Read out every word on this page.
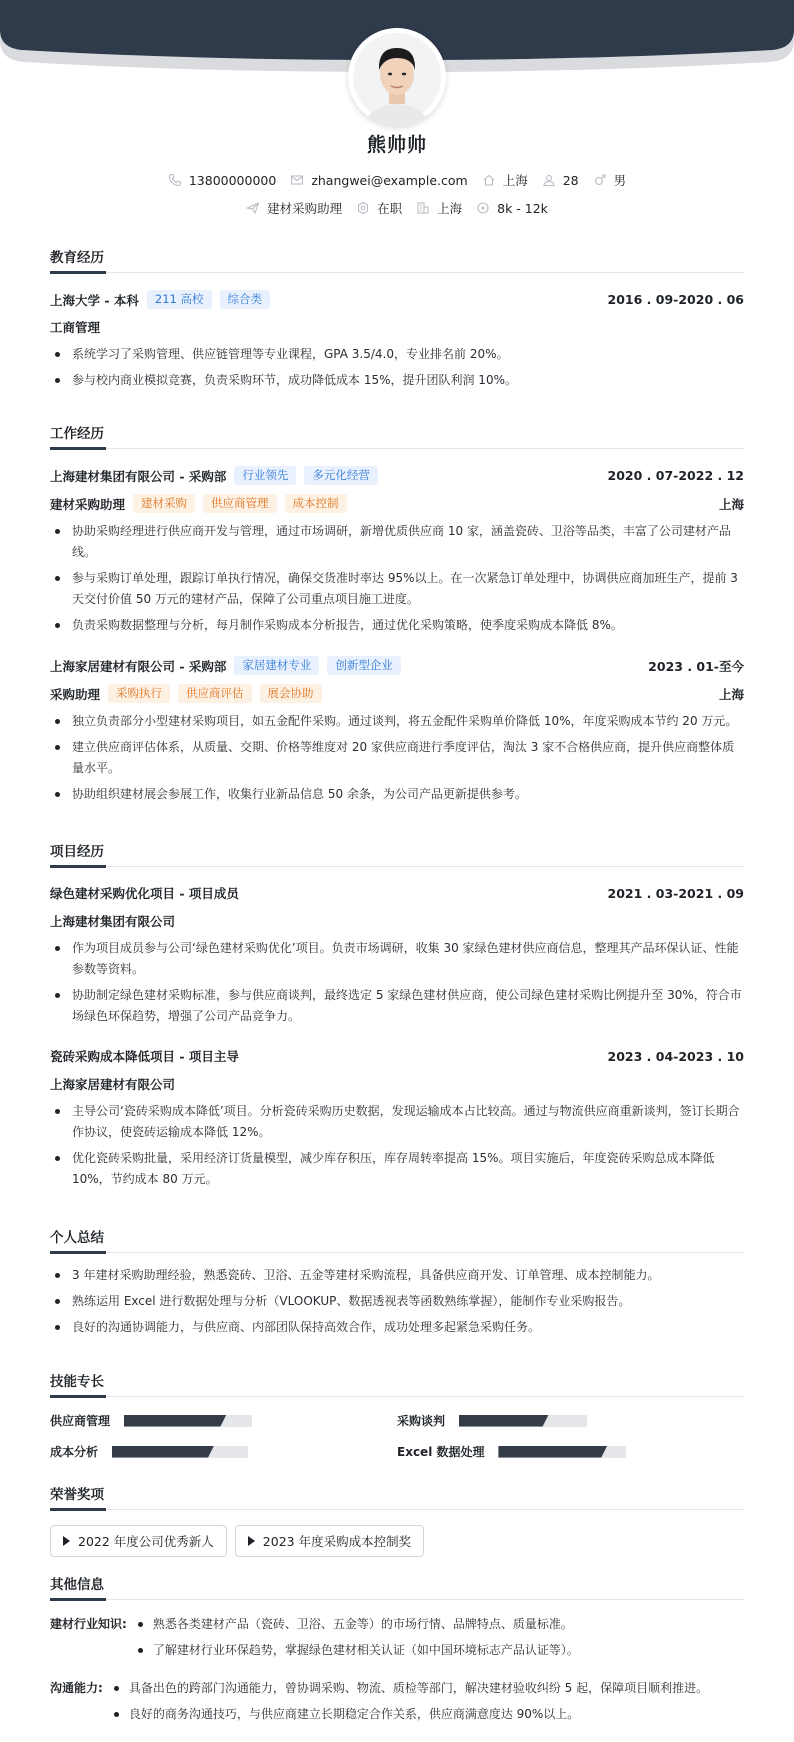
熊帅帅
13800000000	zhangwei@example.com	上海	28	男
建材采购助理	在职	上海	8k - 12k
教育经历
上海大学 - 本科	211 高校	综合类	2016 . 09-2020 . 06
工商管理
系统学习了采购管理、供应链管理等专业课程，GPA 3.5/4.0，专业排名前 20%。
参与校内商业模拟竞赛，负责采购环节，成功降低成本 15%，提升团队利润 10%。
工作经历
上海建材集团有限公司 - 采购部	行业领先	多元化经营	2020 . 07-2022 . 12
建材采购助理	建材采购	供应商管理	成本控制	上海
协助采购经理进行供应商开发与管理，通过市场调研，新增优质供应商 10 家，涵盖瓷砖、卫浴等品类，丰富了公司建材产品线。
参与采购订单处理，跟踪订单执行情况，确保交货准时率达 95%以上。在一次紧急订单处理中，协调供应商加班生产，提前 3 天交付价值 50 万元的建材产品，保障了公司重点项目施工进度。
负责采购数据整理与分析，每月制作采购成本分析报告，通过优化采购策略，使季度采购成本降低 8%。
上海家居建材有限公司 - 采购部	家居建材专业	创新型企业	2023 . 01-至今
采购助理	采购执行	供应商评估	展会协助	上海
独立负责部分小型建材采购项目，如五金配件采购。通过谈判，将五金配件采购单价降低 10%，年度采购成本节约 20 万元。
建立供应商评估体系，从质量、交期、价格等维度对 20 家供应商进行季度评估，淘汰 3 家不合格供应商，提升供应商整体质量水平。
协助组织建材展会参展工作，收集行业新品信息 50 余条，为公司产品更新提供参考。
项目经历
绿色建材采购优化项目 - 项目成员	2021 . 03-2021 . 09
上海建材集团有限公司
作为项目成员参与公司‘绿色建材采购优化’项目。负责市场调研，收集 30 家绿色建材供应商信息，整理其产品环保认证、性能参数等资料。
协助制定绿色建材采购标准，参与供应商谈判，最终选定 5 家绿色建材供应商，使公司绿色建材采购比例提升至 30%，符合市场绿色环保趋势，增强了公司产品竞争力。
瓷砖采购成本降低项目 - 项目主导	2023 . 04-2023 . 10
上海家居建材有限公司
主导公司‘瓷砖采购成本降低’项目。分析瓷砖采购历史数据，发现运输成本占比较高。通过与物流供应商重新谈判，签订长期合作协议，使瓷砖运输成本降低 12%。
优化瓷砖采购批量，采用经济订货量模型，减少库存积压，库存周转率提高 15%。项目实施后，年度瓷砖采购总成本降低 10%，节约成本 80 万元。
个人总结
3 年建材采购助理经验，熟悉瓷砖、卫浴、五金等建材采购流程，具备供应商开发、订单管理、成本控制能力。
熟练运用 Excel 进行数据处理与分析（VLOOKUP、数据透视表等函数熟练掌握），能制作专业采购报告。
良好的沟通协调能力，与供应商、内部团队保持高效合作，成功处理多起紧急采购任务。
技能专长
供应商管理	采购谈判
成本分析	Excel 数据处理
荣誉奖项
2022 年度公司优秀新人	2023 年度采购成本控制奖
其他信息
建材行业知识:	熟悉各类建材产品（瓷砖、卫浴、五金等）的市场行情、品牌特点、质量标准。
了解建材行业环保趋势，掌握绿色建材相关认证（如中国环境标志产品认证等）。
沟通能力:	具备出色的跨部门沟通能力，曾协调采购、物流、质检等部门，解决建材验收纠纷 5 起，保障项目顺利推进。
良好的商务沟通技巧，与供应商建立长期稳定合作关系，供应商满意度达 90%以上。
